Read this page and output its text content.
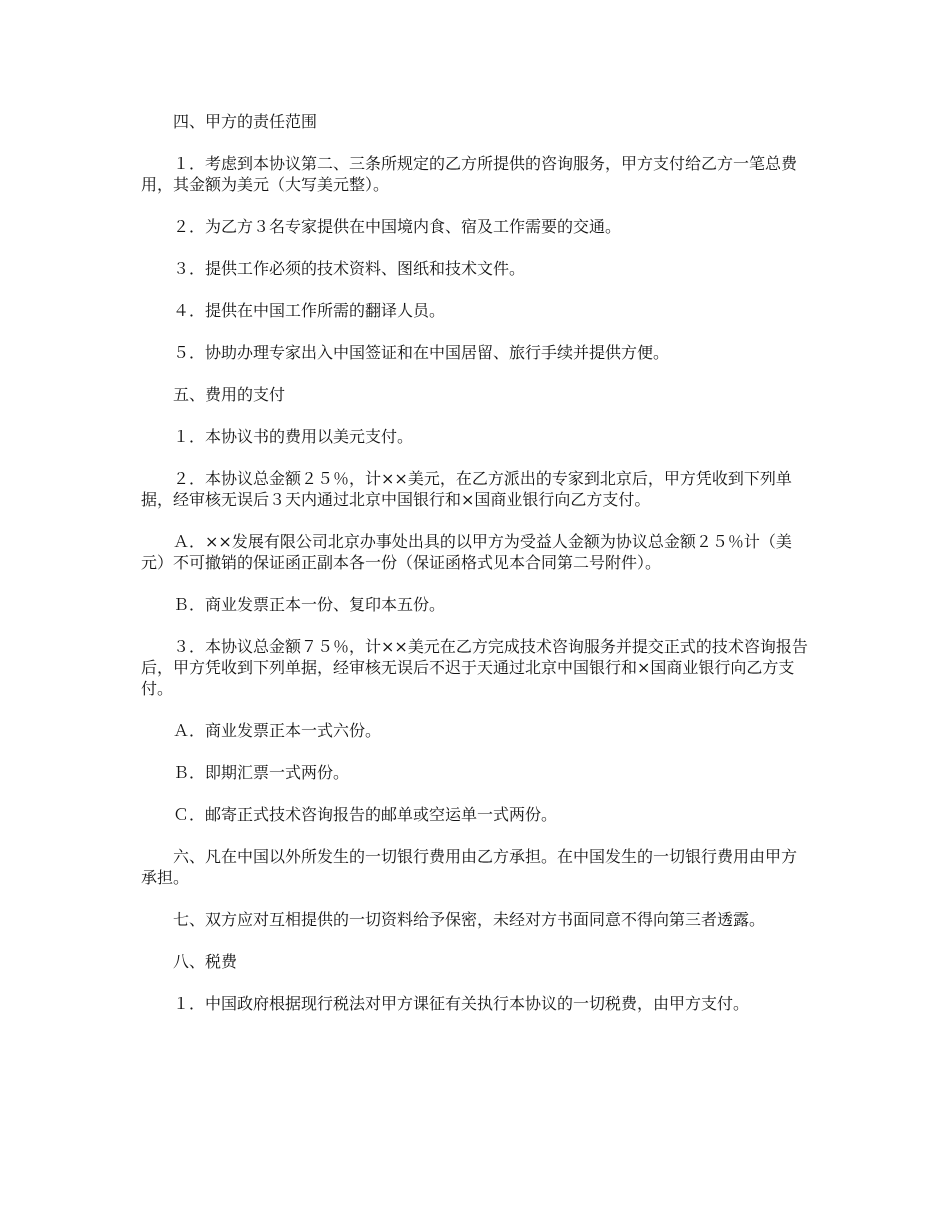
四、甲方的责任范围

１．考虑到本协议第二、三条所规定的乙方所提供的咨询服务，甲方支付给乙方一笔总费用，其金额为美元（大写美元整）。

２．为乙方３名专家提供在中国境内食、宿及工作需要的交通。

３．提供工作必须的技术资料、图纸和技术文件。

４．提供在中国工作所需的翻译人员。

５．协助办理专家出入中国签证和在中国居留、旅行手续并提供方便。

五、费用的支付

１．本协议书的费用以美元支付。

２．本协议总金额２５％，计××美元，在乙方派出的专家到北京后，甲方凭收到下列单据，经审核无误后３天内通过北京中国银行和×国商业银行向乙方支付。

Ａ．××发展有限公司北京办事处出具的以甲方为受益人金额为协议总金额２５％计（美元）不可撤销的保证函正副本各一份（保证函格式见本合同第二号附件）。

Ｂ．商业发票正本一份、复印本五份。

３．本协议总金额７５％，计××美元在乙方完成技术咨询服务并提交正式的技术咨询报告后，甲方凭收到下列单据，经审核无误后不迟于天通过北京中国银行和×国商业银行向乙方支付。

Ａ．商业发票正本一式六份。

Ｂ．即期汇票一式两份。

Ｃ．邮寄正式技术咨询报告的邮单或空运单一式两份。

六、凡在中国以外所发生的一切银行费用由乙方承担。在中国发生的一切银行费用由甲方承担。

七、双方应对互相提供的一切资料给予保密，未经对方书面同意不得向第三者透露。

八、税费

１．中国政府根据现行税法对甲方课征有关执行本协议的一切税费，由甲方支付。
